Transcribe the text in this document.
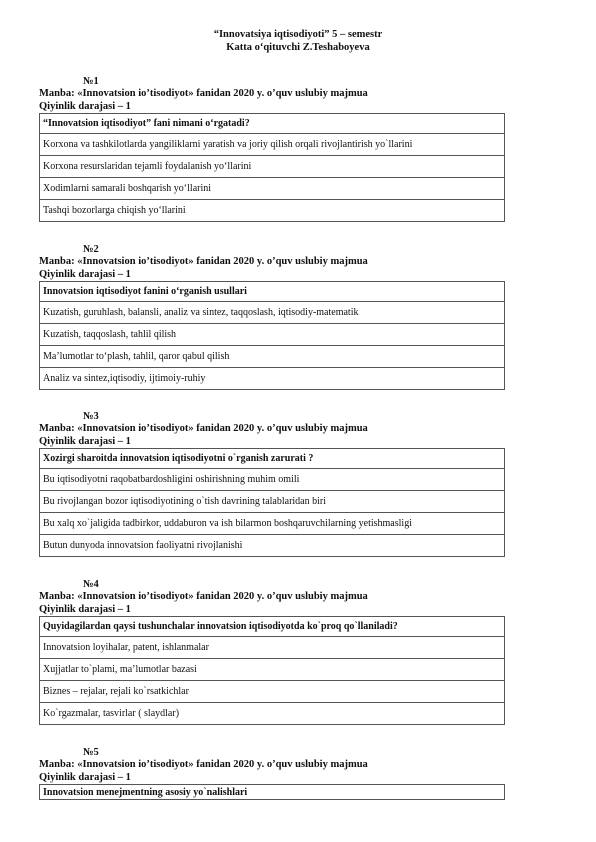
“Innovatsiya iqtisodiyoti” 5 – semestr
Katta o‘qituvchi Z.Teshaboyeva
№1
Manba: «Innovatsion io’tisodiyot» fanidan 2020 y. o’quv uslubiy majmua
Qiyinlik darajasi – 1
“Innovatsion iqtisodiyot” fani nimani o‘rgatadi?
Korxona va tashkilotlarda yangiliklarni yaratish va joriy qilish orqali rivojlantirish yo`llarini
Korxona resurslaridan tejamli foydalanish yo‘llarini
Xodimlarni samarali boshqarish yo‘llarini
Tashqi bozorlarga chiqish yo‘llarini
№2
Manba: «Innovatsion io’tisodiyot» fanidan 2020 y. o’quv uslubiy majmua
Qiyinlik darajasi – 1
Innovatsion iqtisodiyot fanini o‘rganish usullari
Kuzatish, guruhlash, balansli, analiz va sintez, taqqoslash, iqtisodiy-matematik
Kuzatish, taqqoslash, tahlil qilish
Ma’lumotlar to‘plash, tahlil, qaror qabul qilish
Analiz va sintez,iqtisodiy, ijtimoiy-ruhiy
№3
Manba: «Innovatsion io’tisodiyot» fanidan 2020 y. o’quv uslubiy majmua
Qiyinlik darajasi – 1
Xozirgi sharoitda innovatsion iqtisodiyotni o`rganish zarurati ?
Bu iqtisodiyotni raqobatbardoshligini oshirishning muhim omili
Bu rivojlangan bozor iqtisodiyotining o`tish davrining talablaridan biri
Bu xalq xo`jaligida tadbirkor, uddaburon va ish bilarmon boshqaruvchilarning yetishmasligi
Butun dunyoda innovatsion faoliyatni rivojlanishi
№4
Manba: «Innovatsion io’tisodiyot» fanidan 2020 y. o’quv uslubiy majmua
Qiyinlik darajasi – 1
Quyidagilardan qaysi tushunchalar innovatsion iqtisodiyotda ko`proq qo`llaniladi?
Innovatsion loyihalar, patent, ishlanmalar
Xujjatlar to`plami, ma’lumotlar bazasi
Biznes – rejalar, rejali ko`rsatkichlar
Ko`rgazmalar, tasvirlar ( slaydlar)
№5
Manba: «Innovatsion io’tisodiyot» fanidan 2020 y. o’quv uslubiy majmua
Qiyinlik darajasi – 1
Innovatsion menejmentning asosiy yo`nalishlari
